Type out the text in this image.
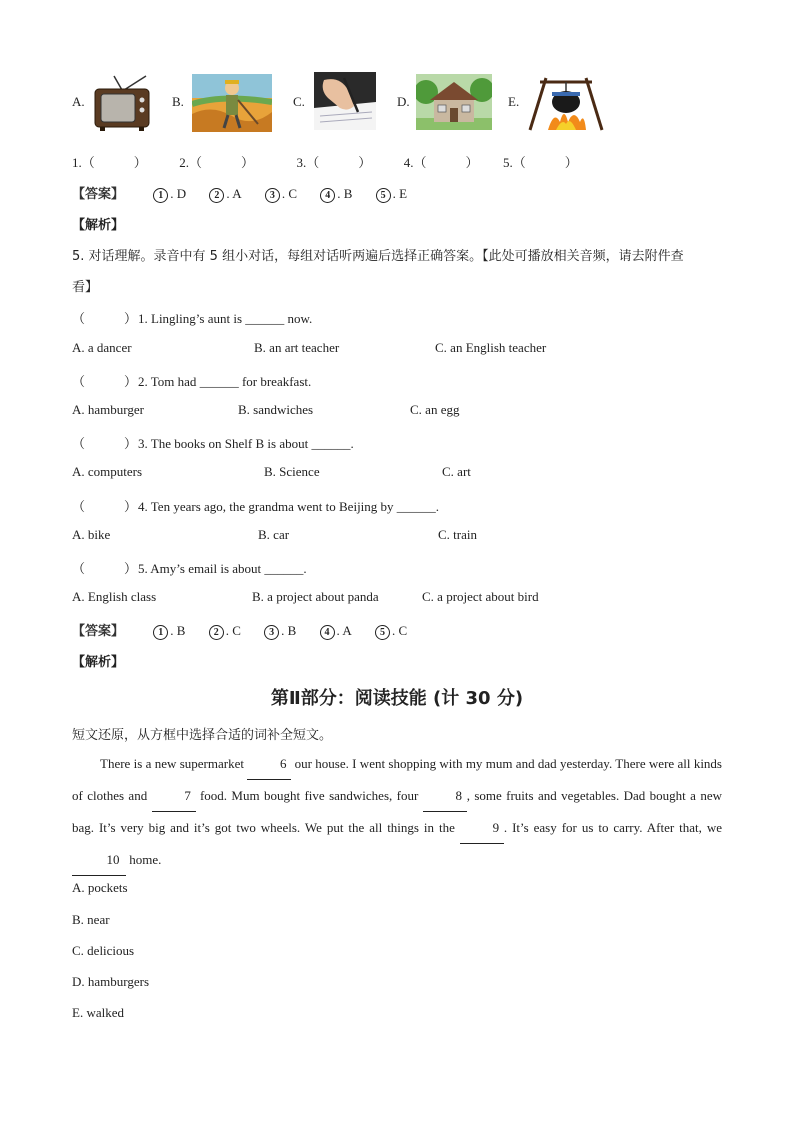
A.	B.	C.	D.	E.
1.（　　　） 2.（　　　）	3.（　　　） 4.（　　　） 5.（　　　）
【答案】	1 . D	2 . A	3 . C	4 . B	5 . E
【解析】
5. 对话理解。录音中有 5 组小对话，每组对话听两遍后选择正确答案。【此处可播放相关音频，请去附件查
看】
（　　　）1. Lingling’s aunt is ______ now.
A. a dancer	B. an art teacher	C. an English teacher
（　　　）2. Tom had ______ for breakfast.
A. hamburger	B. sandwiches	C. an egg
（　　　）3. The books on Shelf B is about ______.
A. computers	B. Science	C. art
（　　　）4. Ten years ago, the grandma went to Beijing by ______.
A. bike	B. car	C. train
（　　　）5. Amy’s email is about ______.
A. English class	B. a project about panda	C. a project about bird
【答案】	1 . B	2 . C	3 . B	4 . A	5 . C
【解析】
第Ⅱ部分：阅读技能 (计 30 分)
短文还原，从方框中选择合适的词补全短文。
There is a new supermarket	6 our house. I went shopping with my mum and dad yesterday. There were all kinds of clothes and	7 food. Mum bought five sandwiches, four	8 , some fruits and vegetables. Dad bought a new bag. It’s very big and it’s got two wheels. We put the all things in the	9 . It’s easy for us to carry. After that, we 10 home.
A. pockets
B. near
C. delicious
D. hamburgers
E. walked
